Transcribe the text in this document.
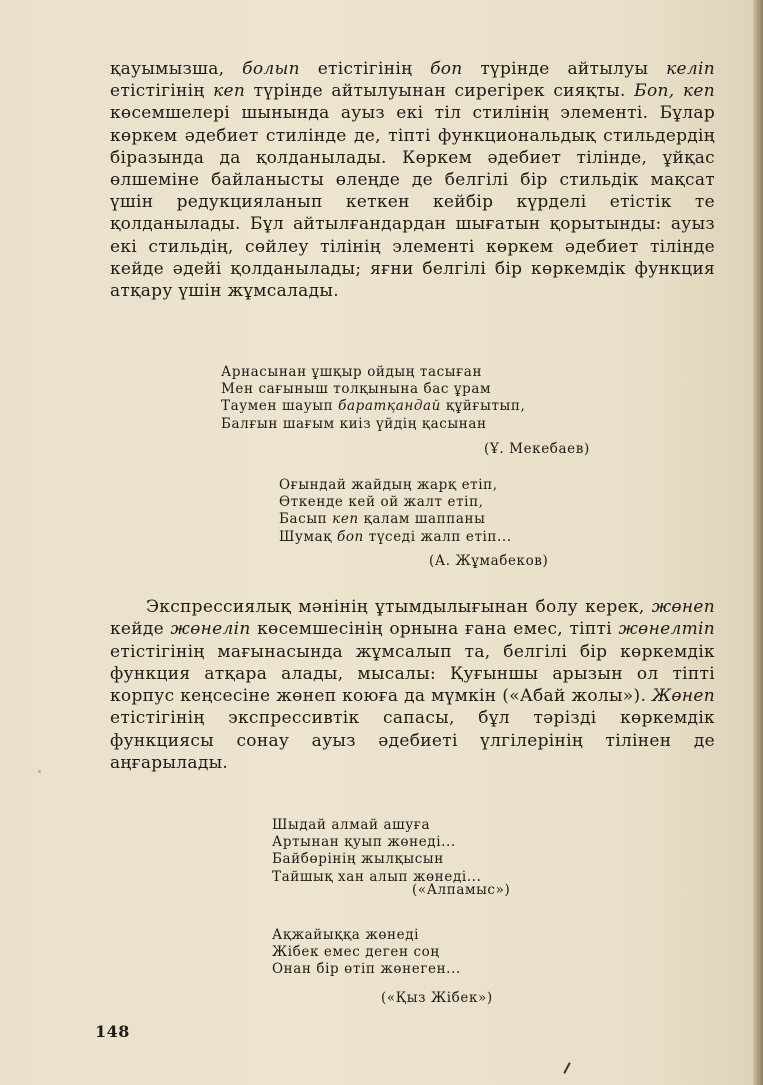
қауымызша, болып етістігінің боп түрінде айтылуы келіп етістігінің кеп түрінде айтылуынан сирегірек сияқты. Боп, кеп көсемшелері шынында ауыз екі тіл стилінің элементі. Бұлар көркем әдебиет стилінде де, тіпті функциональдық стильдердің біразында да қолданылады. Көркем әдебиет тілінде, ұйқас өлшеміне байланысты өлеңде де белгілі бір стильдік мақсат үшін редукцияланып кеткен кейбір күрделі етістік те қолданылады. Бұл айтылғандардан шығатын қорытынды: ауыз екі стильдің, сөйлеу тілінің элементі көркем әдебиет тілінде кейде әдейі қолданылады; яғни белгілі бір көркемдік функция атқару үшін жұмсалады.

Арнасынан ұшқыр ойдың тасыған
Мен сағыныш толқынына бас ұрам
Таумен шауып баратқандай құйғытып,
Балғын шағым киіз үйдің қасынан
(Ұ. Мекебаев)
Оғындай жайдың жарқ етіп,
Өткенде кей ой жалт етіп,
Басып кеп қалам шаппаны
Шумақ боп түседі жалп етіп...
(А. Жұмабеков)

Экспрессиялық мәнінің ұтымдылығынан болу керек, жөнеп кейде жөнеліп көсемшесінің орнына ғана емес, тіпті жөнелтіп етістігінің мағынасында жұмсалып та, белгілі бір көркемдік функция атқара алады, мысалы: Қуғыншы арызын ол тіпті корпус кеңсесіне жөнеп коюға да мүмкін («Абай жолы»). Жөнеп етістігінің экспрессивтік сапасы, бұл тәрізді көркемдік функциясы сонау ауыз әдебиеті үлгілерінің тілінен де аңғарылады.

Шыдай алмай ашуға
Артынан қуып жөнеді...
Байбөрінің жылқысын
Тайшық хан алып жөнеді...
(«Алпамыс»)
Ақжайыққа жөнеді
Жібек емес деген соң
Онан бір өтіп жөнеген...
(«Қыз Жібек»)
148
